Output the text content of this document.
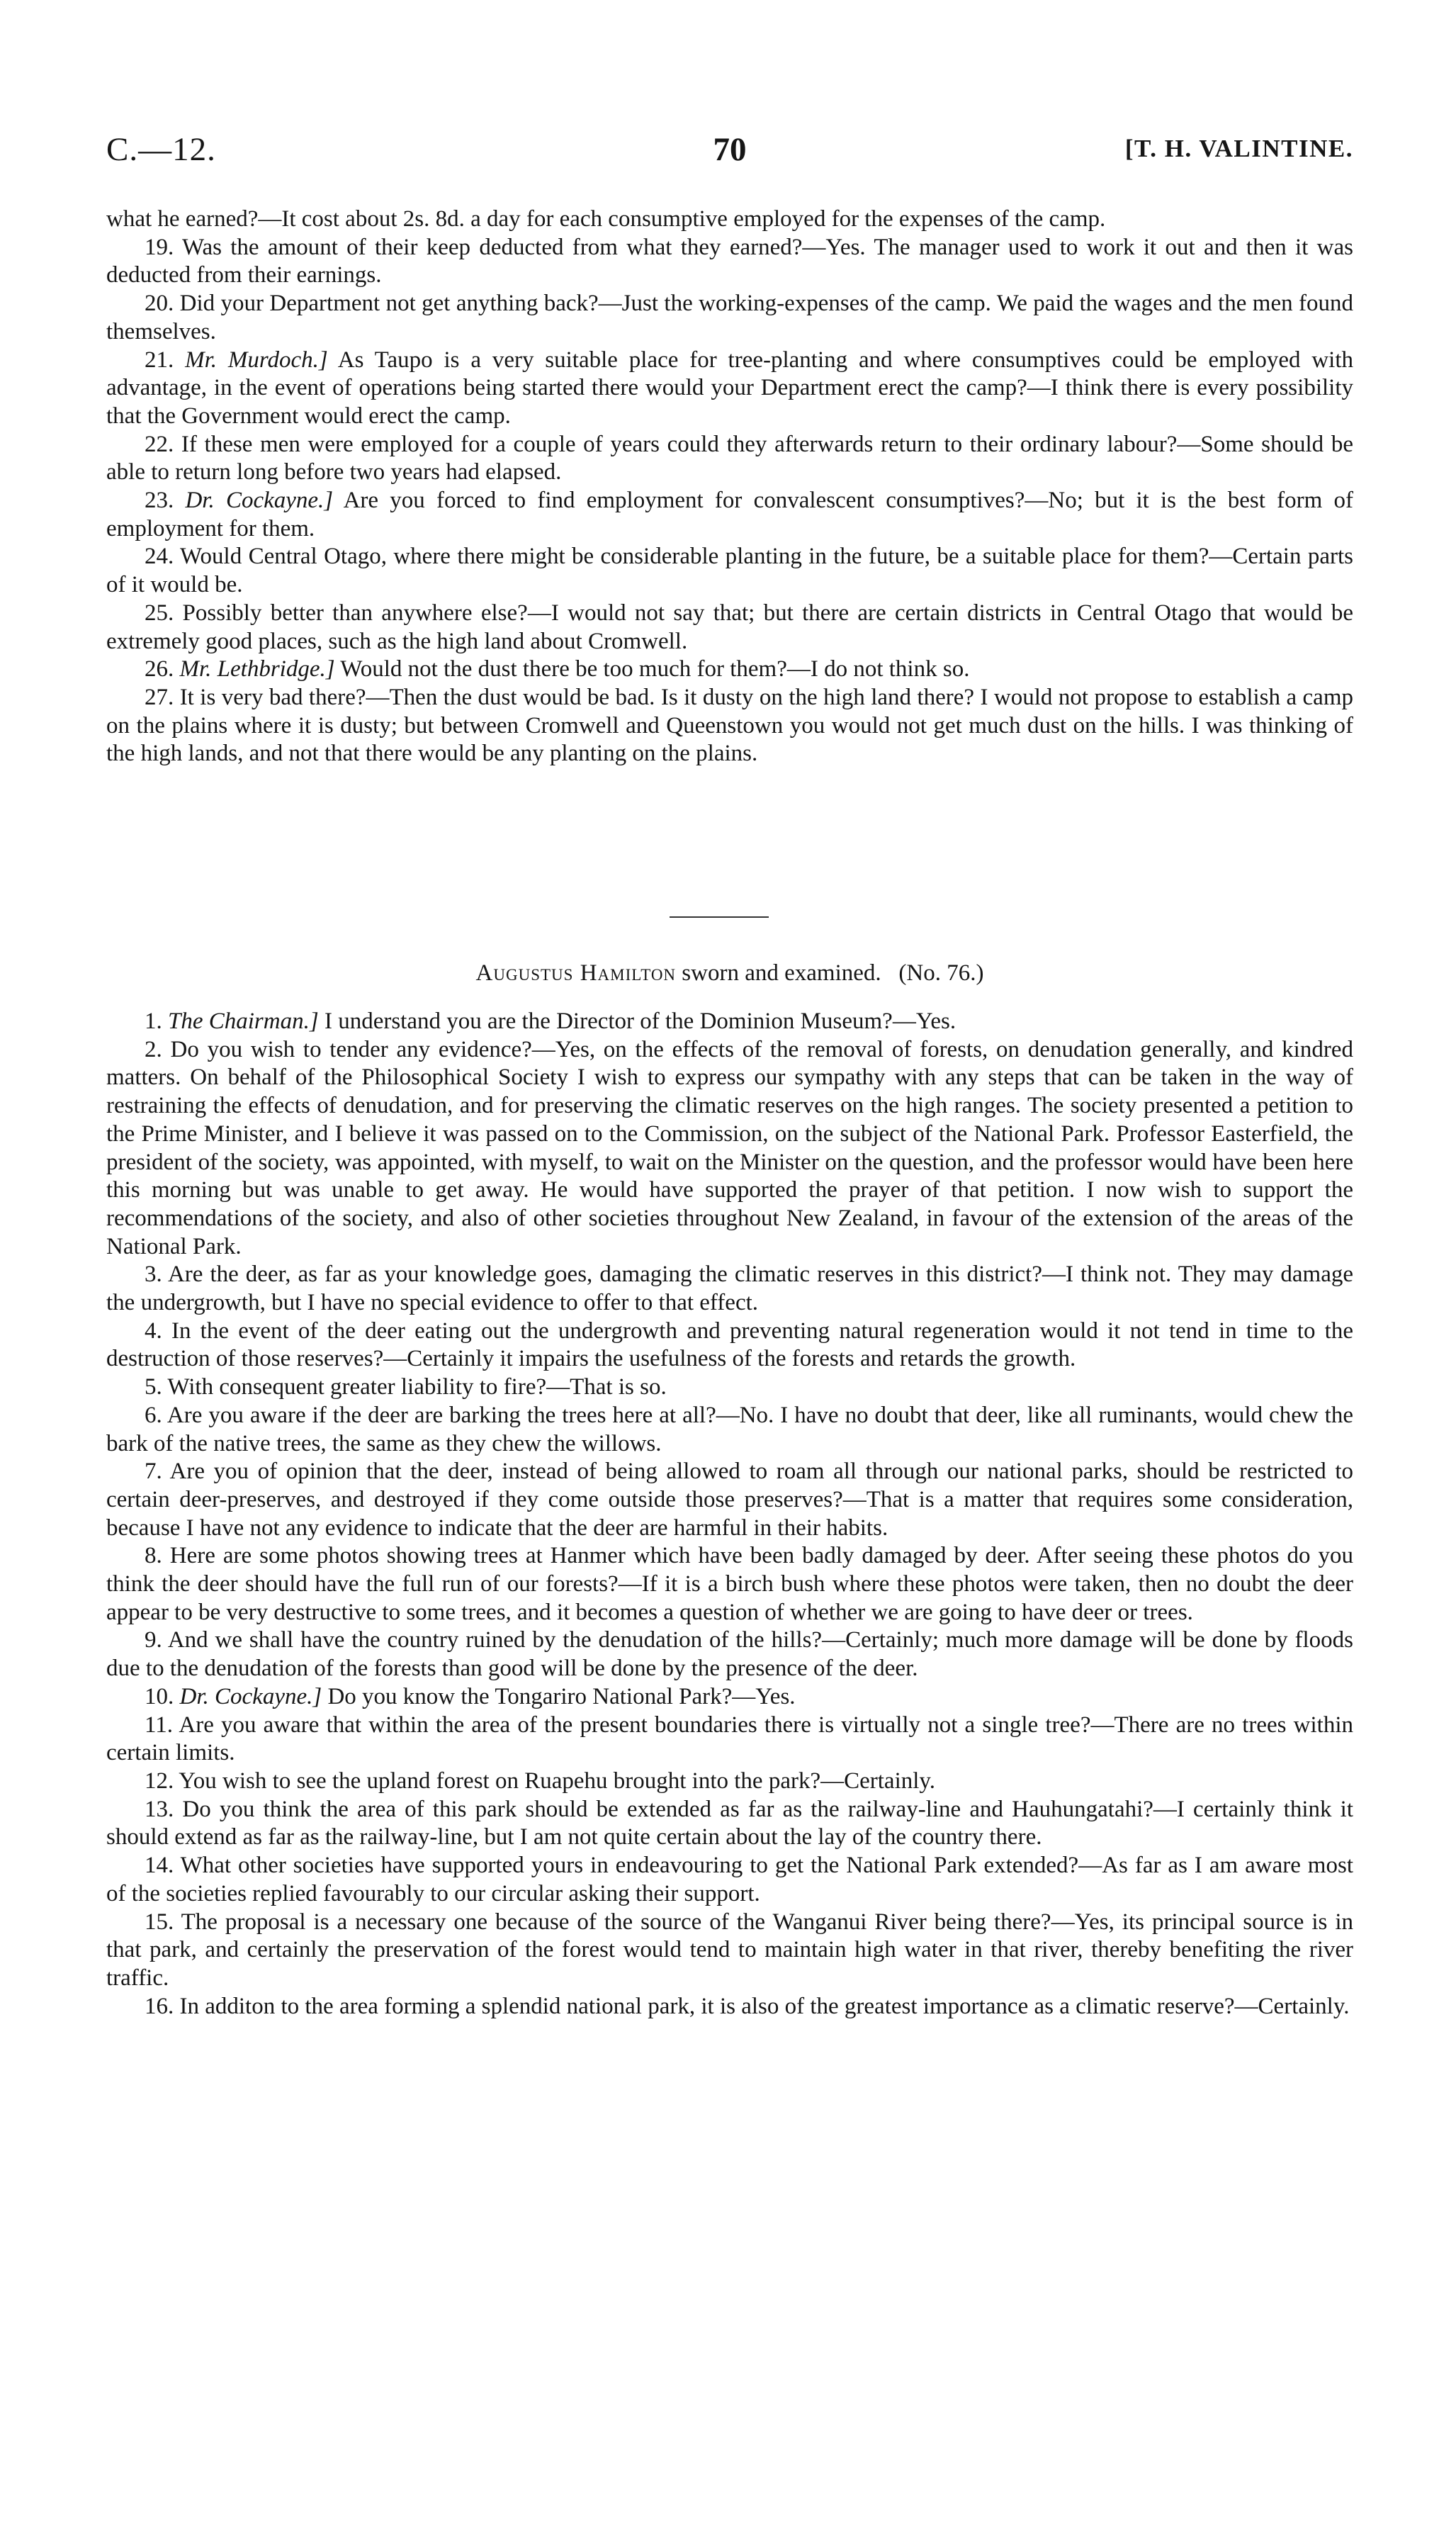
C.—12.	70	[T. H. VALINTINE.

what he earned?—It cost about 2s. 8d. a day for each consumptive employed for the expenses of the camp.

19. Was the amount of their keep deducted from what they earned?—Yes. The manager used to work it out and then it was deducted from their earnings.

20. Did your Department not get anything back?—Just the working-expenses of the camp. We paid the wages and the men found themselves.

21. Mr. Murdoch.] As Taupo is a very suitable place for tree-planting and where consumptives could be employed with advantage, in the event of operations being started there would your Department erect the camp?—I think there is every possibility that the Government would erect the camp.

22. If these men were employed for a couple of years could they afterwards return to their ordinary labour?—Some should be able to return long before two years had elapsed.

23. Dr. Cockayne.] Are you forced to find employment for convalescent consumptives?—No; but it is the best form of employment for them.

24. Would Central Otago, where there might be considerable planting in the future, be a suitable place for them?—Certain parts of it would be.

25. Possibly better than anywhere else?—I would not say that; but there are certain districts in Central Otago that would be extremely good places, such as the high land about Cromwell.

26. Mr. Lethbridge.] Would not the dust there be too much for them?—I do not think so.

27. It is very bad there?—Then the dust would be bad. Is it dusty on the high land there? I would not propose to establish a camp on the plains where it is dusty; but between Cromwell and Queenstown you would not get much dust on the hills. I was thinking of the high lands, and not that there would be any planting on the plains.

Augustus Hamilton sworn and examined. (No. 76.)

1. The Chairman.] I understand you are the Director of the Dominion Museum?—Yes.

2. Do you wish to tender any evidence?—Yes, on the effects of the removal of forests, on denudation generally, and kindred matters. On behalf of the Philosophical Society I wish to express our sympathy with any steps that can be taken in the way of restraining the effects of denudation, and for preserving the climatic reserves on the high ranges. The society presented a petition to the Prime Minister, and I believe it was passed on to the Commission, on the subject of the National Park. Professor Easterfield, the president of the society, was appointed, with myself, to wait on the Minister on the question, and the professor would have been here this morning but was unable to get away. He would have supported the prayer of that petition. I now wish to support the recommendations of the society, and also of other societies throughout New Zealand, in favour of the extension of the areas of the National Park.

3. Are the deer, as far as your knowledge goes, damaging the climatic reserves in this district?—I think not. They may damage the undergrowth, but I have no special evidence to offer to that effect.

4. In the event of the deer eating out the undergrowth and preventing natural regeneration would it not tend in time to the destruction of those reserves?—Certainly it impairs the usefulness of the forests and retards the growth.

5. With consequent greater liability to fire?—That is so.

6. Are you aware if the deer are barking the trees here at all?—No. I have no doubt that deer, like all ruminants, would chew the bark of the native trees, the same as they chew the willows.

7. Are you of opinion that the deer, instead of being allowed to roam all through our national parks, should be restricted to certain deer-preserves, and destroyed if they come outside those preserves?—That is a matter that requires some consideration, because I have not any evidence to indicate that the deer are harmful in their habits.

8. Here are some photos showing trees at Hanmer which have been badly damaged by deer. After seeing these photos do you think the deer should have the full run of our forests?—If it is a birch bush where these photos were taken, then no doubt the deer appear to be very destructive to some trees, and it becomes a question of whether we are going to have deer or trees.

9. And we shall have the country ruined by the denudation of the hills?—Certainly; much more damage will be done by floods due to the denudation of the forests than good will be done by the presence of the deer.

10. Dr. Cockayne.] Do you know the Tongariro National Park?—Yes.

11. Are you aware that within the area of the present boundaries there is virtually not a single tree?—There are no trees within certain limits.

12. You wish to see the upland forest on Ruapehu brought into the park?—Certainly.

13. Do you think the area of this park should be extended as far as the railway-line and Hauhungatahi?—I certainly think it should extend as far as the railway-line, but I am not quite certain about the lay of the country there.

14. What other societies have supported yours in endeavouring to get the National Park extended?—As far as I am aware most of the societies replied favourably to our circular asking their support.

15. The proposal is a necessary one because of the source of the Wanganui River being there?—Yes, its principal source is in that park, and certainly the preservation of the forest would tend to maintain high water in that river, thereby benefiting the river traffic.

16. In additon to the area forming a splendid national park, it is also of the greatest importance as a climatic reserve?—Certainly.
